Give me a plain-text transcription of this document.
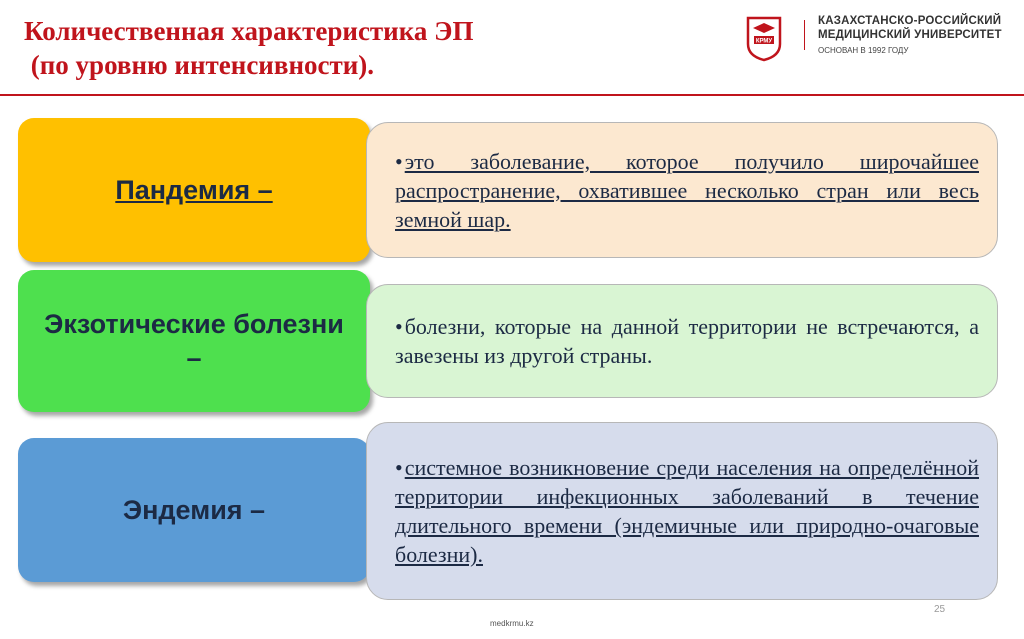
Количественная характеристика ЭП
(по уровню интенсивности).
КРМУ
КАЗАХСТАНСКО-РОССИЙСКИЙ
МЕДИЦИНСКИЙ УНИВЕРСИТЕТ
ОСНОВАН В 1992 ГОДУ
Пандемия –
•это заболевание, которое получило широчайшее распространение, охватившее несколько стран или весь земной шар.
Экзотические болезни –
•болезни, которые на данной территории не встречаются, а завезены из другой страны.
Эндемия –
•системное возникновение среди населения на определённой территории инфекционных заболеваний в течение длительного времени (эндемичные или природно-очаговые болезни).
medkrmu.kz
25
